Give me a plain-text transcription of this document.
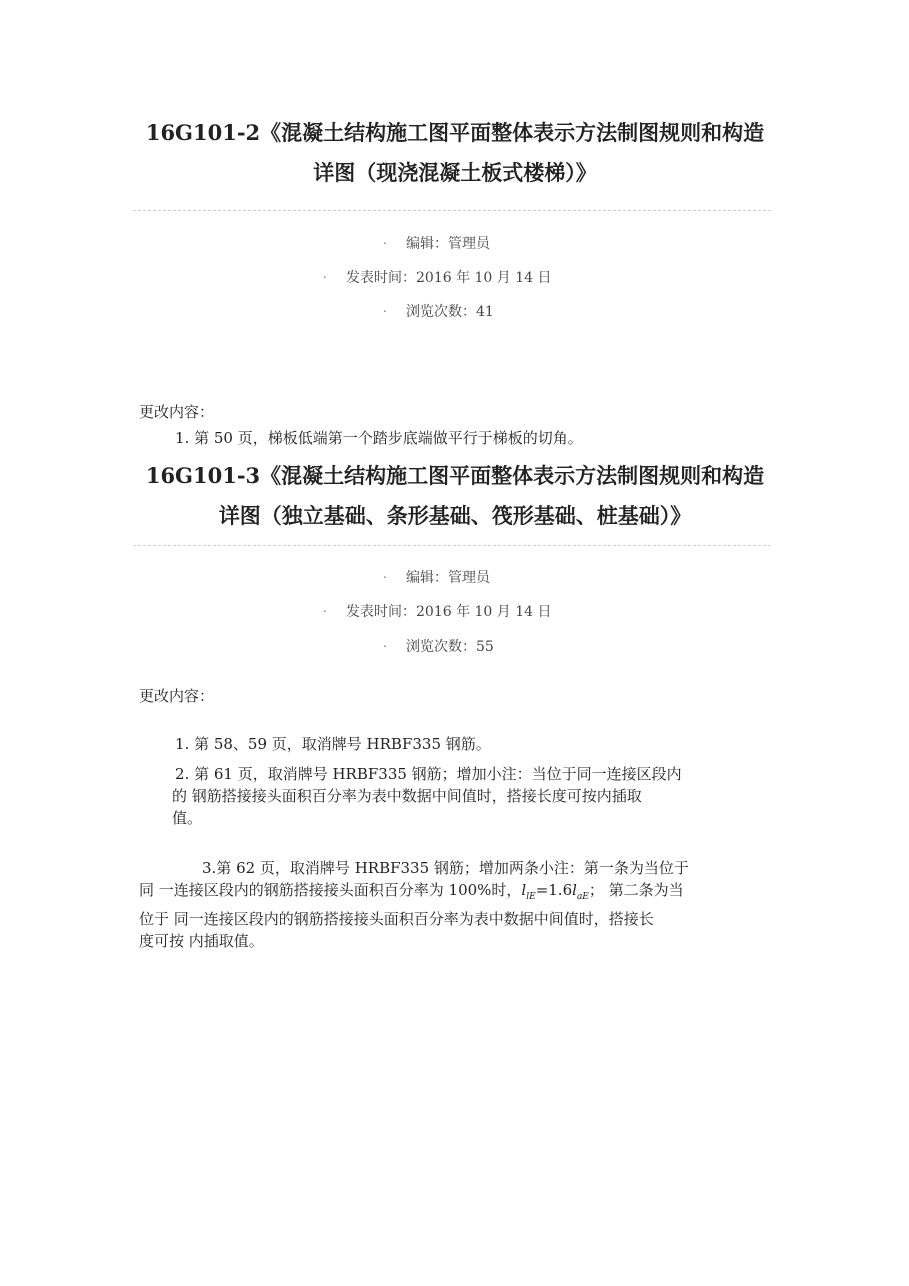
16G101-2《混凝土结构施工图平面整体表示方法制图规则和构造
详图（现浇混凝土板式楼梯）》
. 编辑：管理员
. 发表时间：2016 年 10 月 14 日
. 浏览次数：41
更改内容：
1. 第 50 页，梯板低端第一个踏步底端做平行于梯板的切角。
16G101-3《混凝土结构施工图平面整体表示方法制图规则和构造
详图（独立基础、条形基础、筏形基础、桩基础）》
. 编辑：管理员
. 发表时间：2016 年 10 月 14 日
. 浏览次数：55
更改内容：
1. 第 58、59 页，取消牌号 HRBF335 钢筋。
2. 第 61 页，取消牌号 HRBF335 钢筋；增加小注：当位于同一连接区段内
的 钢筋搭接接头面积百分率为表中数据中间值时，搭接长度可按内插取
值。
3.第 62 页，取消牌号 HRBF335 钢筋；增加两条小注：第一条为当位于
同 一连接区段内的钢筋搭接接头面积百分率为 100%时，$l_{lE}=1.6l_{aE}$； 第二条为当
位于 同一连接区段内的钢筋搭接接头面积百分率为表中数据中间值时，搭接长
度可按 内插取值。
